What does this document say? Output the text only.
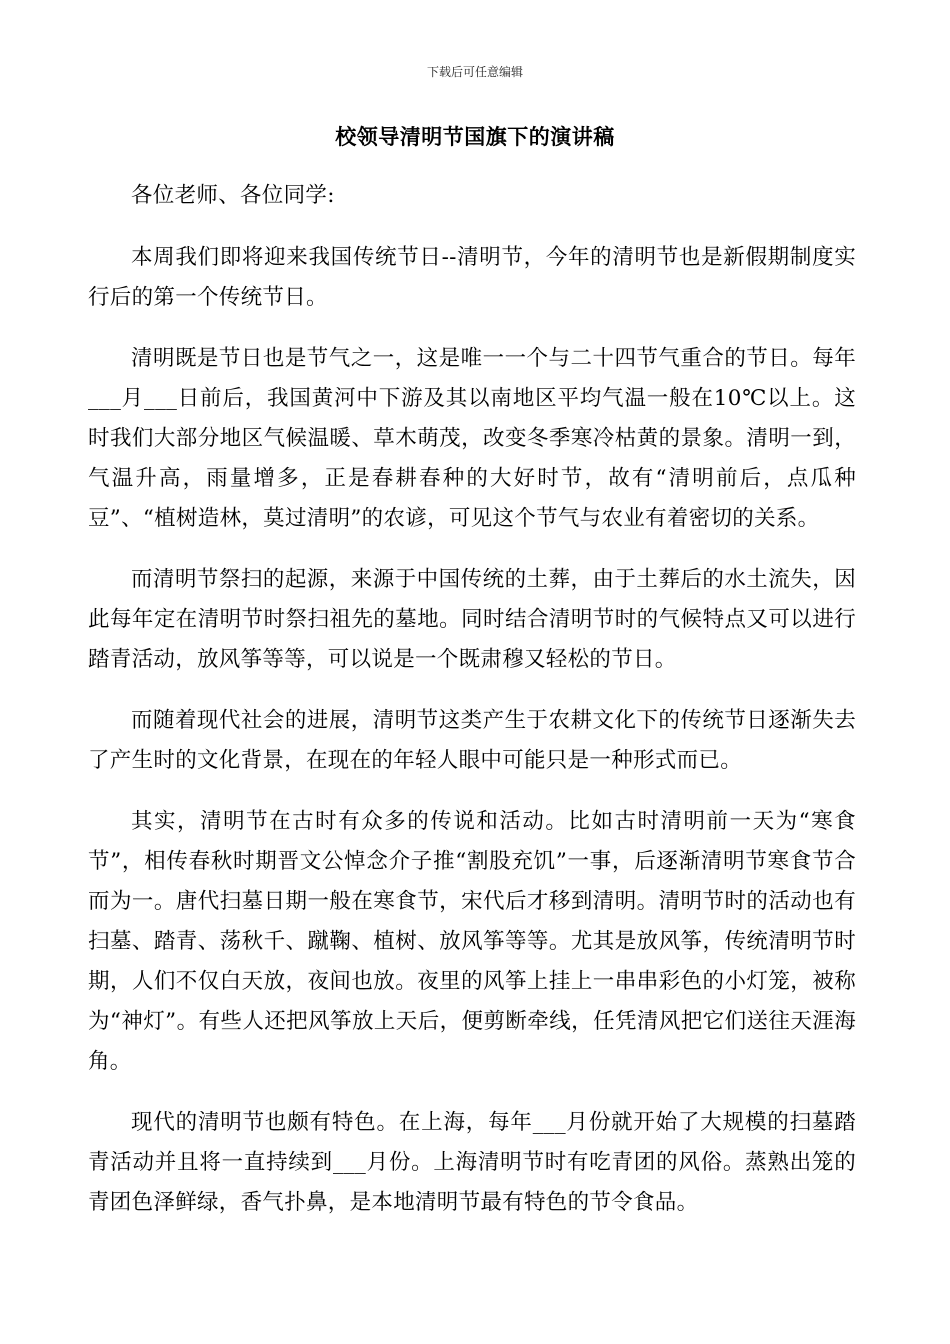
下载后可任意编辑
校领导清明节国旗下的演讲稿

各位老师、各位同学:

本周我们即将迎来我国传统节日--清明节，今年的清明节也是新假期制度实行后的第一个传统节日。

清明既是节日也是节气之一，这是唯一一个与二十四节气重合的节日。每年___月___日前后，我国黄河中下游及其以南地区平均气温一般在10℃以上。这时我们大部分地区气候温暖、草木萌茂，改变冬季寒冷枯黄的景象。清明一到，气温升高，雨量增多，正是春耕春种的大好时节，故有“清明前后，点瓜种豆”、“植树造林，莫过清明”的农谚，可见这个节气与农业有着密切的关系。

而清明节祭扫的起源，来源于中国传统的土葬，由于土葬后的水土流失，因此每年定在清明节时祭扫祖先的墓地。同时结合清明节时的气候特点又可以进行踏青活动，放风筝等等，可以说是一个既肃穆又轻松的节日。

而随着现代社会的进展，清明节这类产生于农耕文化下的传统节日逐渐失去了产生时的文化背景，在现在的年轻人眼中可能只是一种形式而已。

其实，清明节在古时有众多的传说和活动。比如古时清明前一天为“寒食节”，相传春秋时期晋文公悼念介子推“割股充饥”一事，后逐渐清明节寒食节合而为一。唐代扫墓日期一般在寒食节，宋代后才移到清明。清明节时的活动也有扫墓、踏青、荡秋千、蹴鞠、植树、放风筝等等。尤其是放风筝，传统清明节时期，人们不仅白天放，夜间也放。夜里的风筝上挂上一串串彩色的小灯笼，被称为“神灯”。有些人还把风筝放上天后，便剪断牵线，任凭清风把它们送往天涯海角。

现代的清明节也颇有特色。在上海，每年___月份就开始了大规模的扫墓踏青活动并且将一直持续到___月份。上海清明节时有吃青团的风俗。蒸熟出笼的青团色泽鲜绿，香气扑鼻，是本地清明节最有特色的节令食品。
